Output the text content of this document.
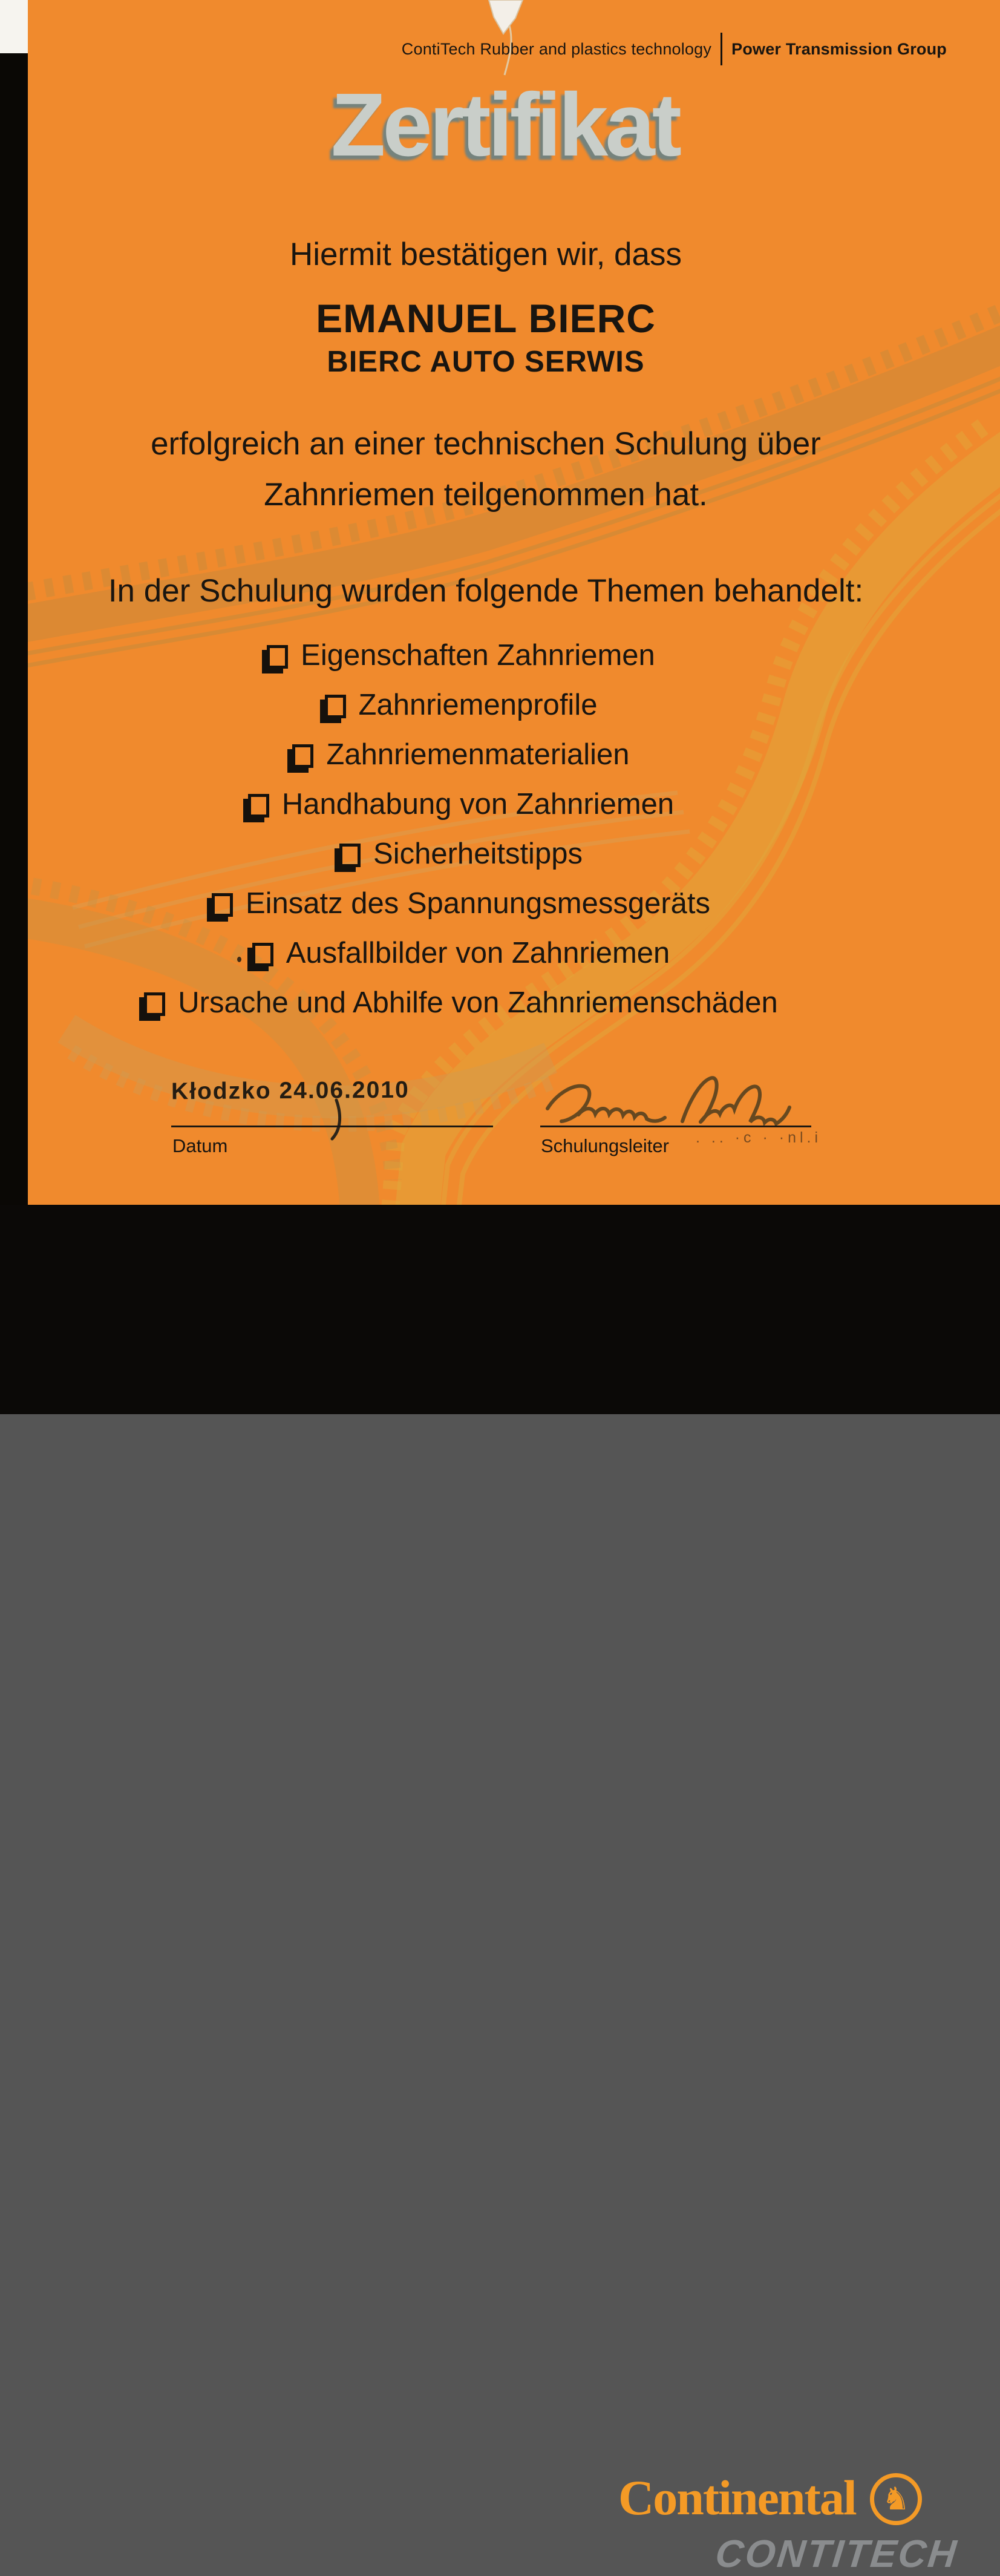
ContiTech Rubber and plastics technology Power Transmission Group
Zertifikat
Hiermit bestätigen wir, dass
EMANUEL BIERC
BIERC AUTO SERWIS
erfolgreich an einer technischen Schulung über
Zahnriemen teilgenommen hat.
In der Schulung wurden folgende Themen behandelt:
Eigenschaften Zahnriemen
Zahnriemenprofile
Zahnriemenmaterialien
Handhabung von Zahnriemen
Sicherheitstipps
Einsatz des Spannungsmessgeräts
Ausfallbilder von Zahnriemen
Ursache und Abhilfe von Zahnriemenschäden
Kłodzko 24.06.2010
Datum	Schulungsleiter . .. ·c · ·nl.i
Continental ♞
CONTITECH
